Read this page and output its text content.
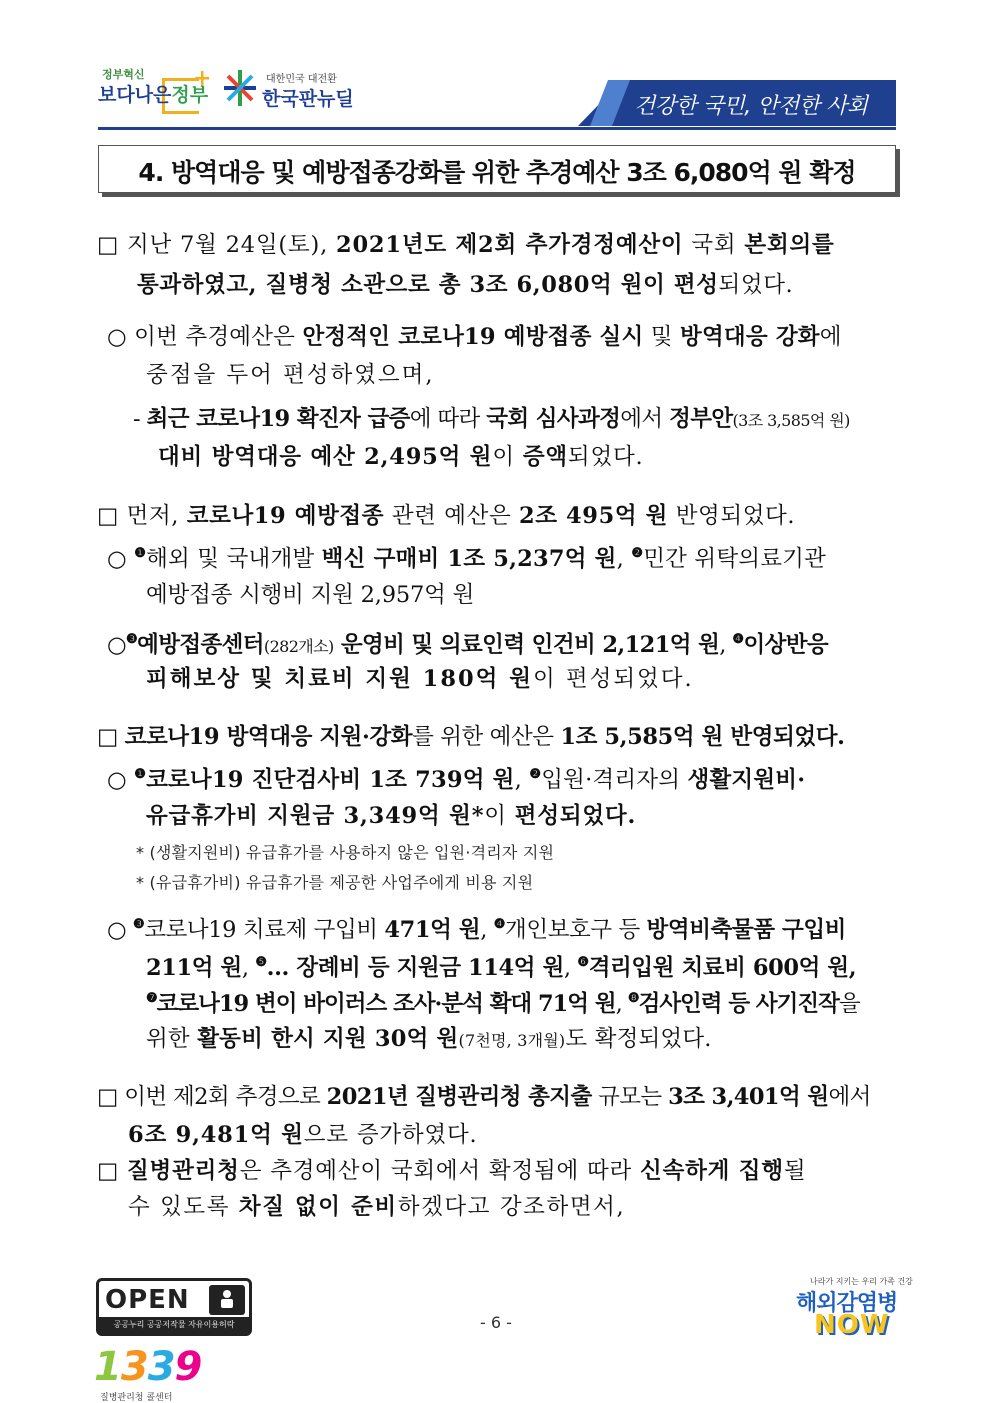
정부혁신
보다나은정부
+	대한민국 대전환
한국판뉴딜	건강한 국민, 안전한 사회
4. 방역대응 및 예방접종강화를 위한 추경예산 3조 6,080억 원 확정
□ 지난 7월 24일(토), 2021년도 제2회 추가경정예산이 국회 본회의를
통과하였고, 질병청 소관으로 총 3조 6,080억 원이 편성되었다.
○ 이번 추경예산은 안정적인 코로나19 예방접종 실시 및 방역대응 강화에
중점을 두어 편성하였으며,
- 최근 코로나19 확진자 급증에 따라 국회 심사과정에서 정부안(3조 3,585억 원)
대비 방역대응 예산 2,495억 원이 증액되었다.
□ 먼저, 코로나19 예방접종 관련 예산은 2조 495억 원 반영되었다.
○ $^❶$해외 및 국내개발 백신 구매비 1조 5,237억 원, $^❷$민간 위탁의료기관
예방접종 시행비 지원 2,957억 원
○$^❸$예방접종센터(282개소) 운영비 및 의료인력 인건비 2,121억 원, $^❹$이상반응
피해보상 및 치료비 지원 180억 원이 편성되었다.
□ 코로나19 방역대응 지원·강화를 위한 예산은 1조 5,585억 원 반영되었다.
○ $^❶$코로나19 진단검사비 1조 739억 원, $^❷$입원·격리자의 생활지원비·
유급휴가비 지원금 3,349억 원*이 편성되었다.
* (생활지원비) 유급휴가를 사용하지 않은 입원·격리자 지원
* (유급휴가비) 유급휴가를 제공한 사업주에게 비용 지원
○ $^❸$코로나19 치료제 구입비 471억 원, $^❹$개인보호구 등 방역비축물품 구입비
211억 원, $^❺$... 장례비 등 지원금 114억 원, $^❻$격리입원 치료비 600억 원,
$^❼$코로나19 변이 바이러스 조사·분석 확대 71억 원, $^❽$검사인력 등 사기진작을
위한 활동비 한시 지원 30억 원(7천명, 3개월)도 확정되었다.
□ 이번 제2회 추경으로 2021년 질병관리청 총지출 규모는 3조 3,401억 원에서
6조 9,481억 원으로 증가하였다.
□ 질병관리청은 추경예산이 국회에서 확정됨에 따라 신속하게 집행될
수 있도록 차질 없이 준비하겠다고 강조하면서,
OPEN
공공누리 공공저작물 자유이용허락	- 6 -
1339
질병관리청 콜센터
나라가 지키는 우리 가족 건강
해외감염병
NOW
